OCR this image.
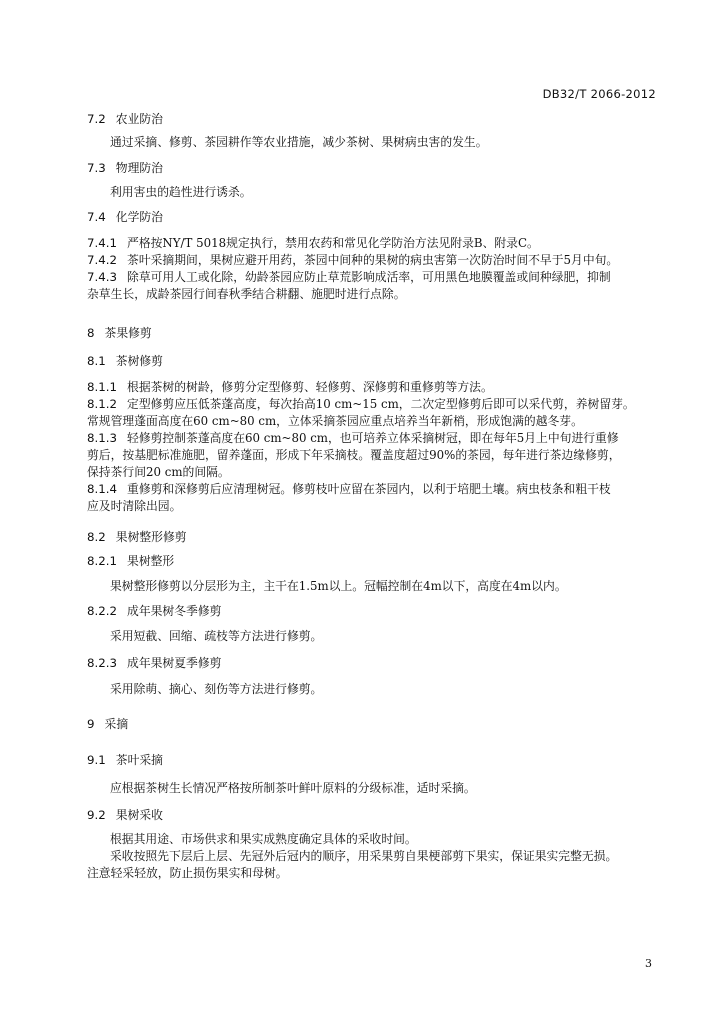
DB32/T 2066-2012
7.2 农业防治
通过采摘、修剪、茶园耕作等农业措施，减少茶树、果树病虫害的发生。
7.3 物理防治
利用害虫的趋性进行诱杀。
7.4 化学防治
7.4.1 严格按NY/T 5018规定执行，禁用农药和常见化学防治方法见附录B、附录C。
7.4.2 茶叶采摘期间，果树应避开用药，茶园中间种的果树的病虫害第一次防治时间不早于5月中旬。
7.4.3 除草可用人工或化除，幼龄茶园应防止草荒影响成活率，可用黑色地膜覆盖或间种绿肥，抑制
杂草生长，成龄茶园行间春秋季结合耕翻、施肥时进行点除。
8 茶果修剪
8.1 茶树修剪
8.1.1 根据茶树的树龄，修剪分定型修剪、轻修剪、深修剪和重修剪等方法。
8.1.2 定型修剪应压低茶蓬高度，每次抬高10 cm~15 cm，二次定型修剪后即可以采代剪，养树留芽。
常规管理蓬面高度在60 cm~80 cm，立体采摘茶园应重点培养当年新梢，形成饱满的越冬芽。
8.1.3 轻修剪控制茶蓬高度在60 cm~80 cm，也可培养立体采摘树冠，即在每年5月上中旬进行重修
剪后，按基肥标准施肥，留养蓬面，形成下年采摘枝。覆盖度超过90%的茶园，每年进行茶边缘修剪，
保持茶行间20 cm的间隔。
8.1.4 重修剪和深修剪后应清理树冠。修剪枝叶应留在茶园内，以利于培肥土壤。病虫枝条和粗干枝
应及时清除出园。
8.2 果树整形修剪
8.2.1 果树整形
果树整形修剪以分层形为主，主干在1.5m以上。冠幅控制在4m以下，高度在4m以内。
8.2.2 成年果树冬季修剪
采用短截、回缩、疏枝等方法进行修剪。
8.2.3 成年果树夏季修剪
采用除萌、摘心、刻伤等方法进行修剪。
9 采摘
9.1 茶叶采摘
应根据茶树生长情况严格按所制茶叶鲜叶原料的分级标准，适时采摘。
9.2 果树采收
根据其用途、市场供求和果实成熟度确定具体的采收时间。
采收按照先下层后上层、先冠外后冠内的顺序，用采果剪自果梗部剪下果实，保证果实完整无损。
注意轻采轻放，防止损伤果实和母树。
3
